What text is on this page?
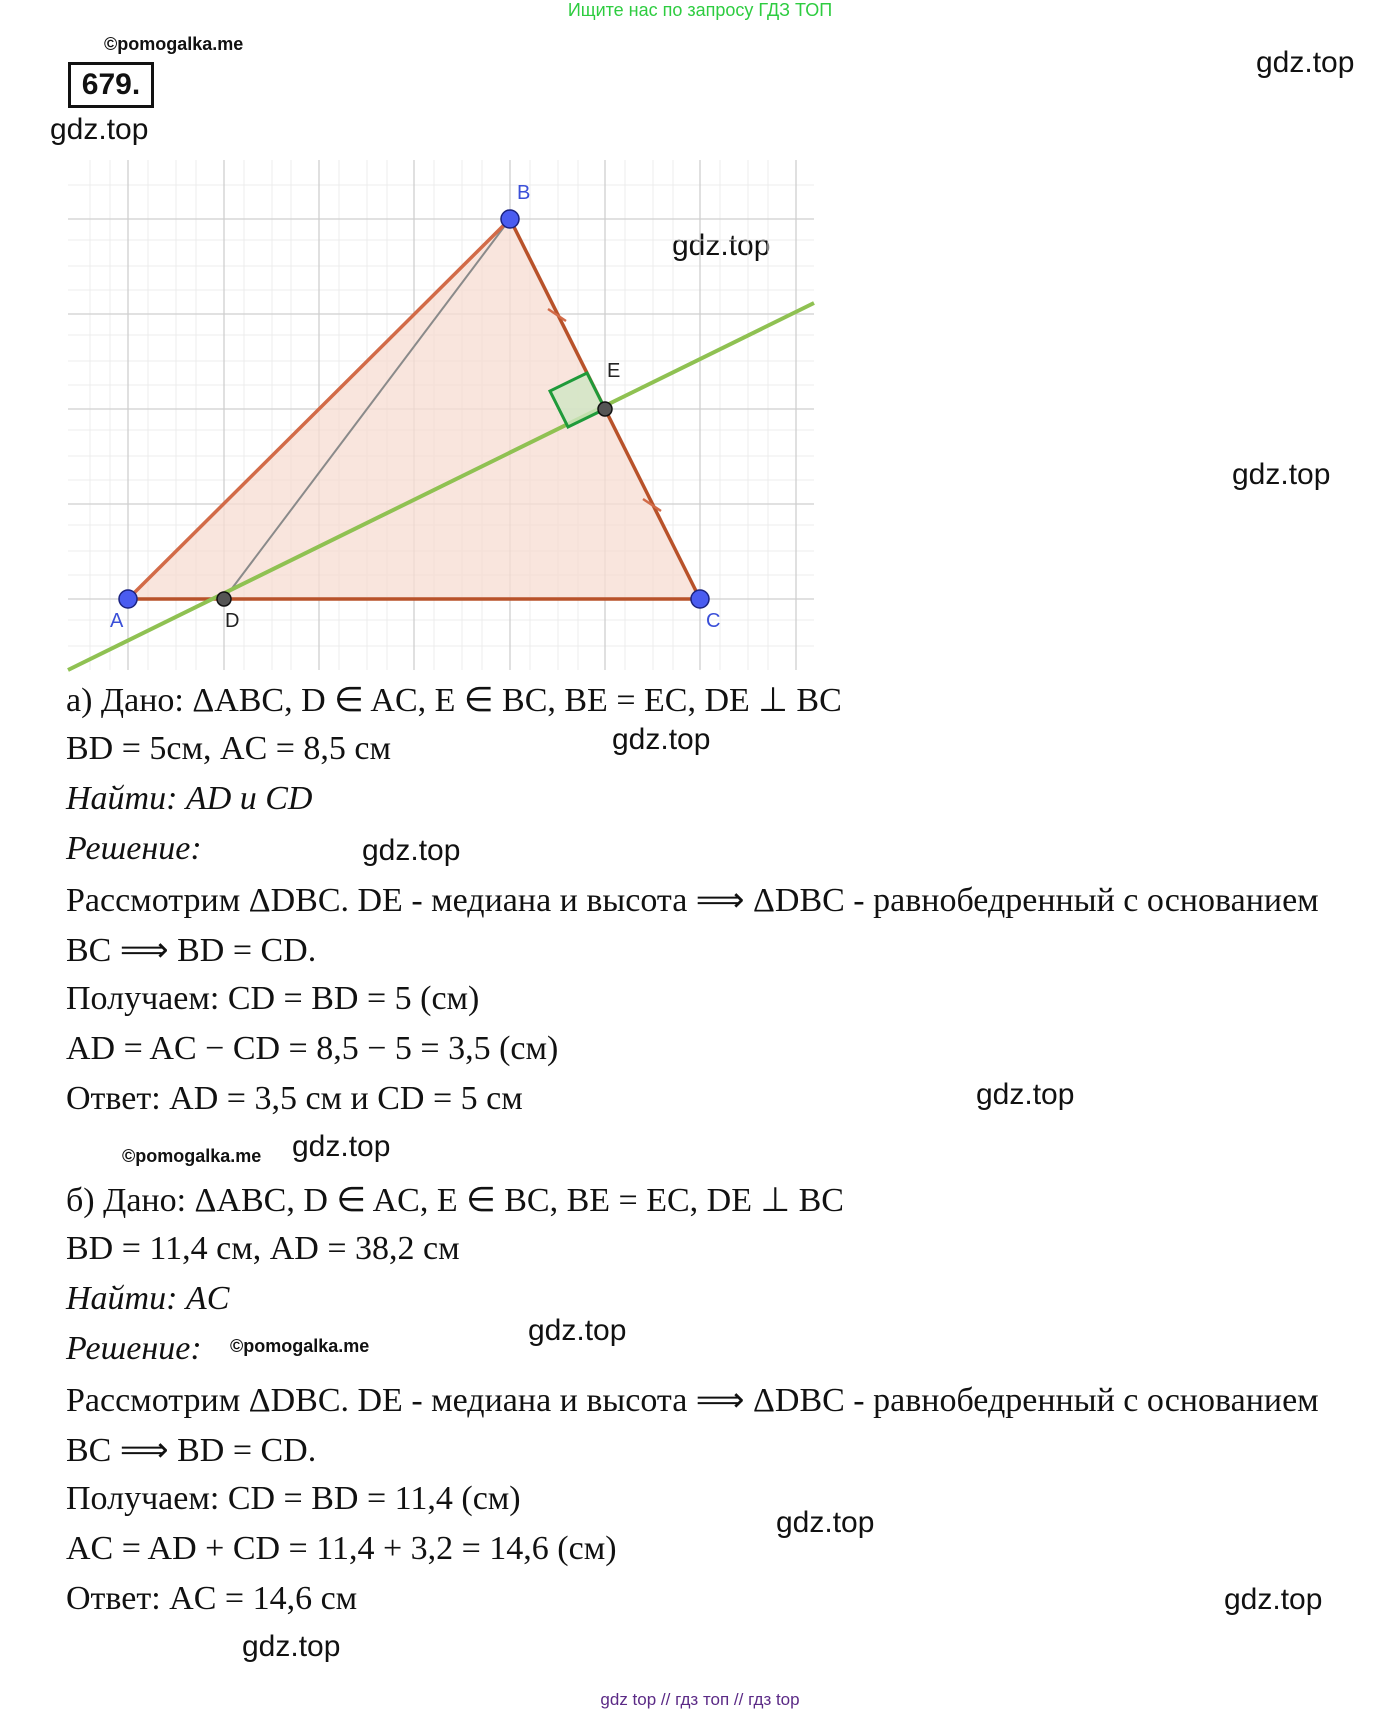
Ищите нас по запросу ГДЗ ТОП
©pomogalka.me
679.
gdz.top
gdz.top
gdz.top
gdz.top
gdz.top
gdz.top
gdz.top
gdz.top
gdz.top
gdz.top
gdz.top
gdz.top
A
B
C
D
E
а) Дано: ΔABC, D ∈ AC, E ∈ BC, BE = EC, DE ⊥ BC
BD = 5см, AC = 8,5 см
Найти: AD и CD
Решение:
Рассмотрим ΔDBC. DE - медиана и высота ⟹ ΔDBC - равнобедренный с основанием
BC ⟹ BD = CD.
Получаем: CD = BD = 5 (см)
AD = AC − CD = 8,5 − 5 = 3,5 (см)
Ответ: AD = 3,5 см и CD = 5 см
©pomogalka.me
б) Дано: ΔABC, D ∈ AC, E ∈ BC, BE = EC, DE ⊥ BC
BD = 11,4 см, AD = 38,2 см
Найти: AC
Решение: ©pomogalka.me
Рассмотрим ΔDBC. DE - медиана и высота ⟹ ΔDBC - равнобедренный с основанием
BC ⟹ BD = CD.
Получаем: CD = BD = 11,4 (см)
AC = AD + CD = 11,4 + 3,2 = 14,6 (см)
Ответ: AC = 14,6 см
gdz top // гдз топ // гдз top
